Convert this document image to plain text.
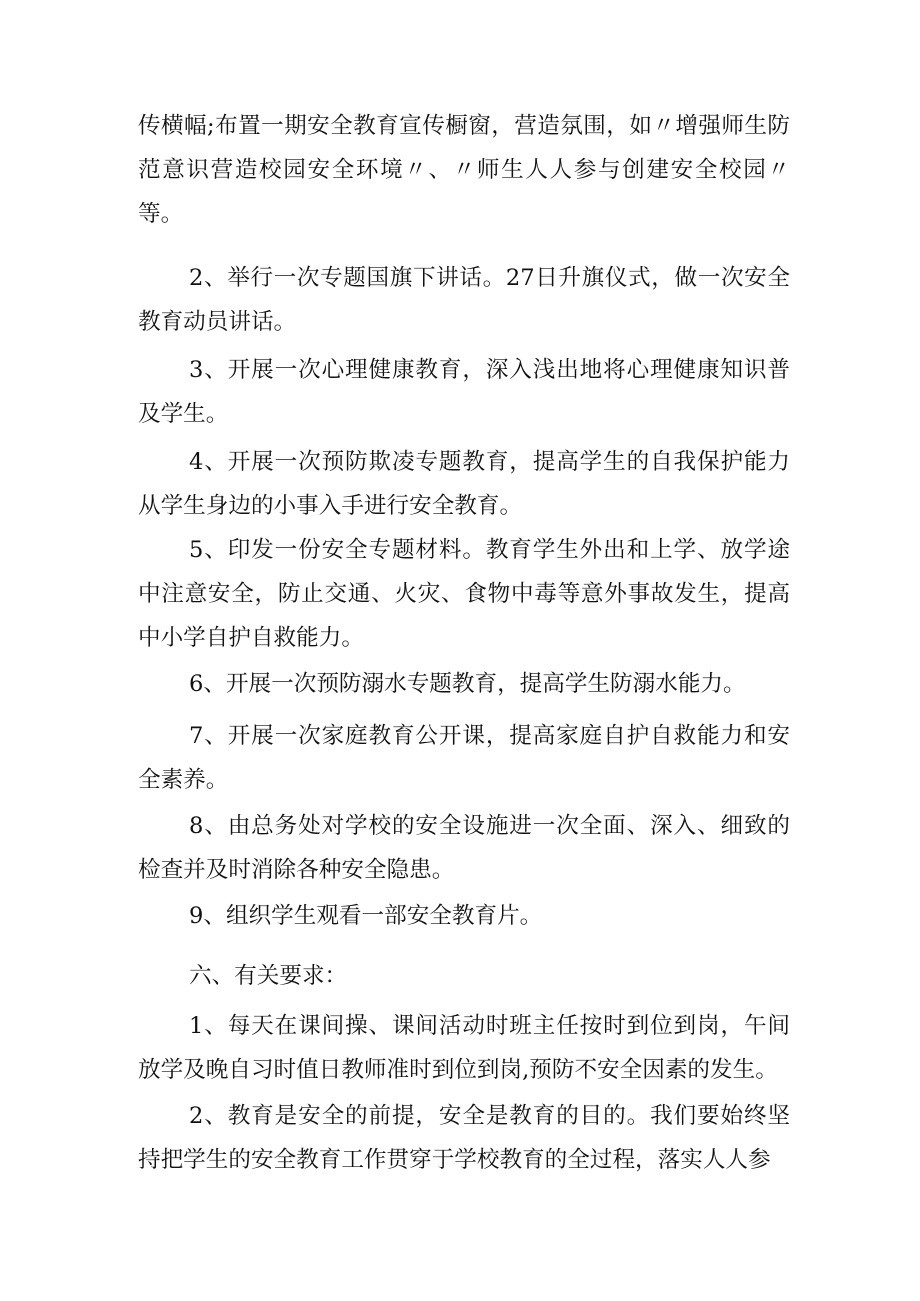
传横幅;布置一期安全教育宣传橱窗，营造氛围，如〃增强师生防范意识营造校园安全环境〃、〃师生人人参与创建安全校园〃等。

2、举行一次专题国旗下讲话。27日升旗仪式，做一次安全教育动员讲话。

3、开展一次心理健康教育，深入浅出地将心理健康知识普及学生。

4、开展一次预防欺凌专题教育，提高学生的自我保护能力从学生身边的小事入手进行安全教育。

5、印发一份安全专题材料。教育学生外出和上学、放学途中注意安全，防止交通、火灾、食物中毒等意外事故发生，提高中小学自护自救能力。

6、开展一次预防溺水专题教育，提高学生防溺水能力。

7、开展一次家庭教育公开课，提高家庭自护自救能力和安全素养。

8、由总务处对学校的安全设施进一次全面、深入、细致的检查并及时消除各种安全隐患。

9、组织学生观看一部安全教育片。

六、有关要求：

1、每天在课间操、课间活动时班主任按时到位到岗，午间放学及晚自习时值日教师准时到位到岗,预防不安全因素的发生。

2、教育是安全的前提，安全是教育的目的。我们要始终坚持把学生的安全教育工作贯穿于学校教育的全过程，落实人人参
